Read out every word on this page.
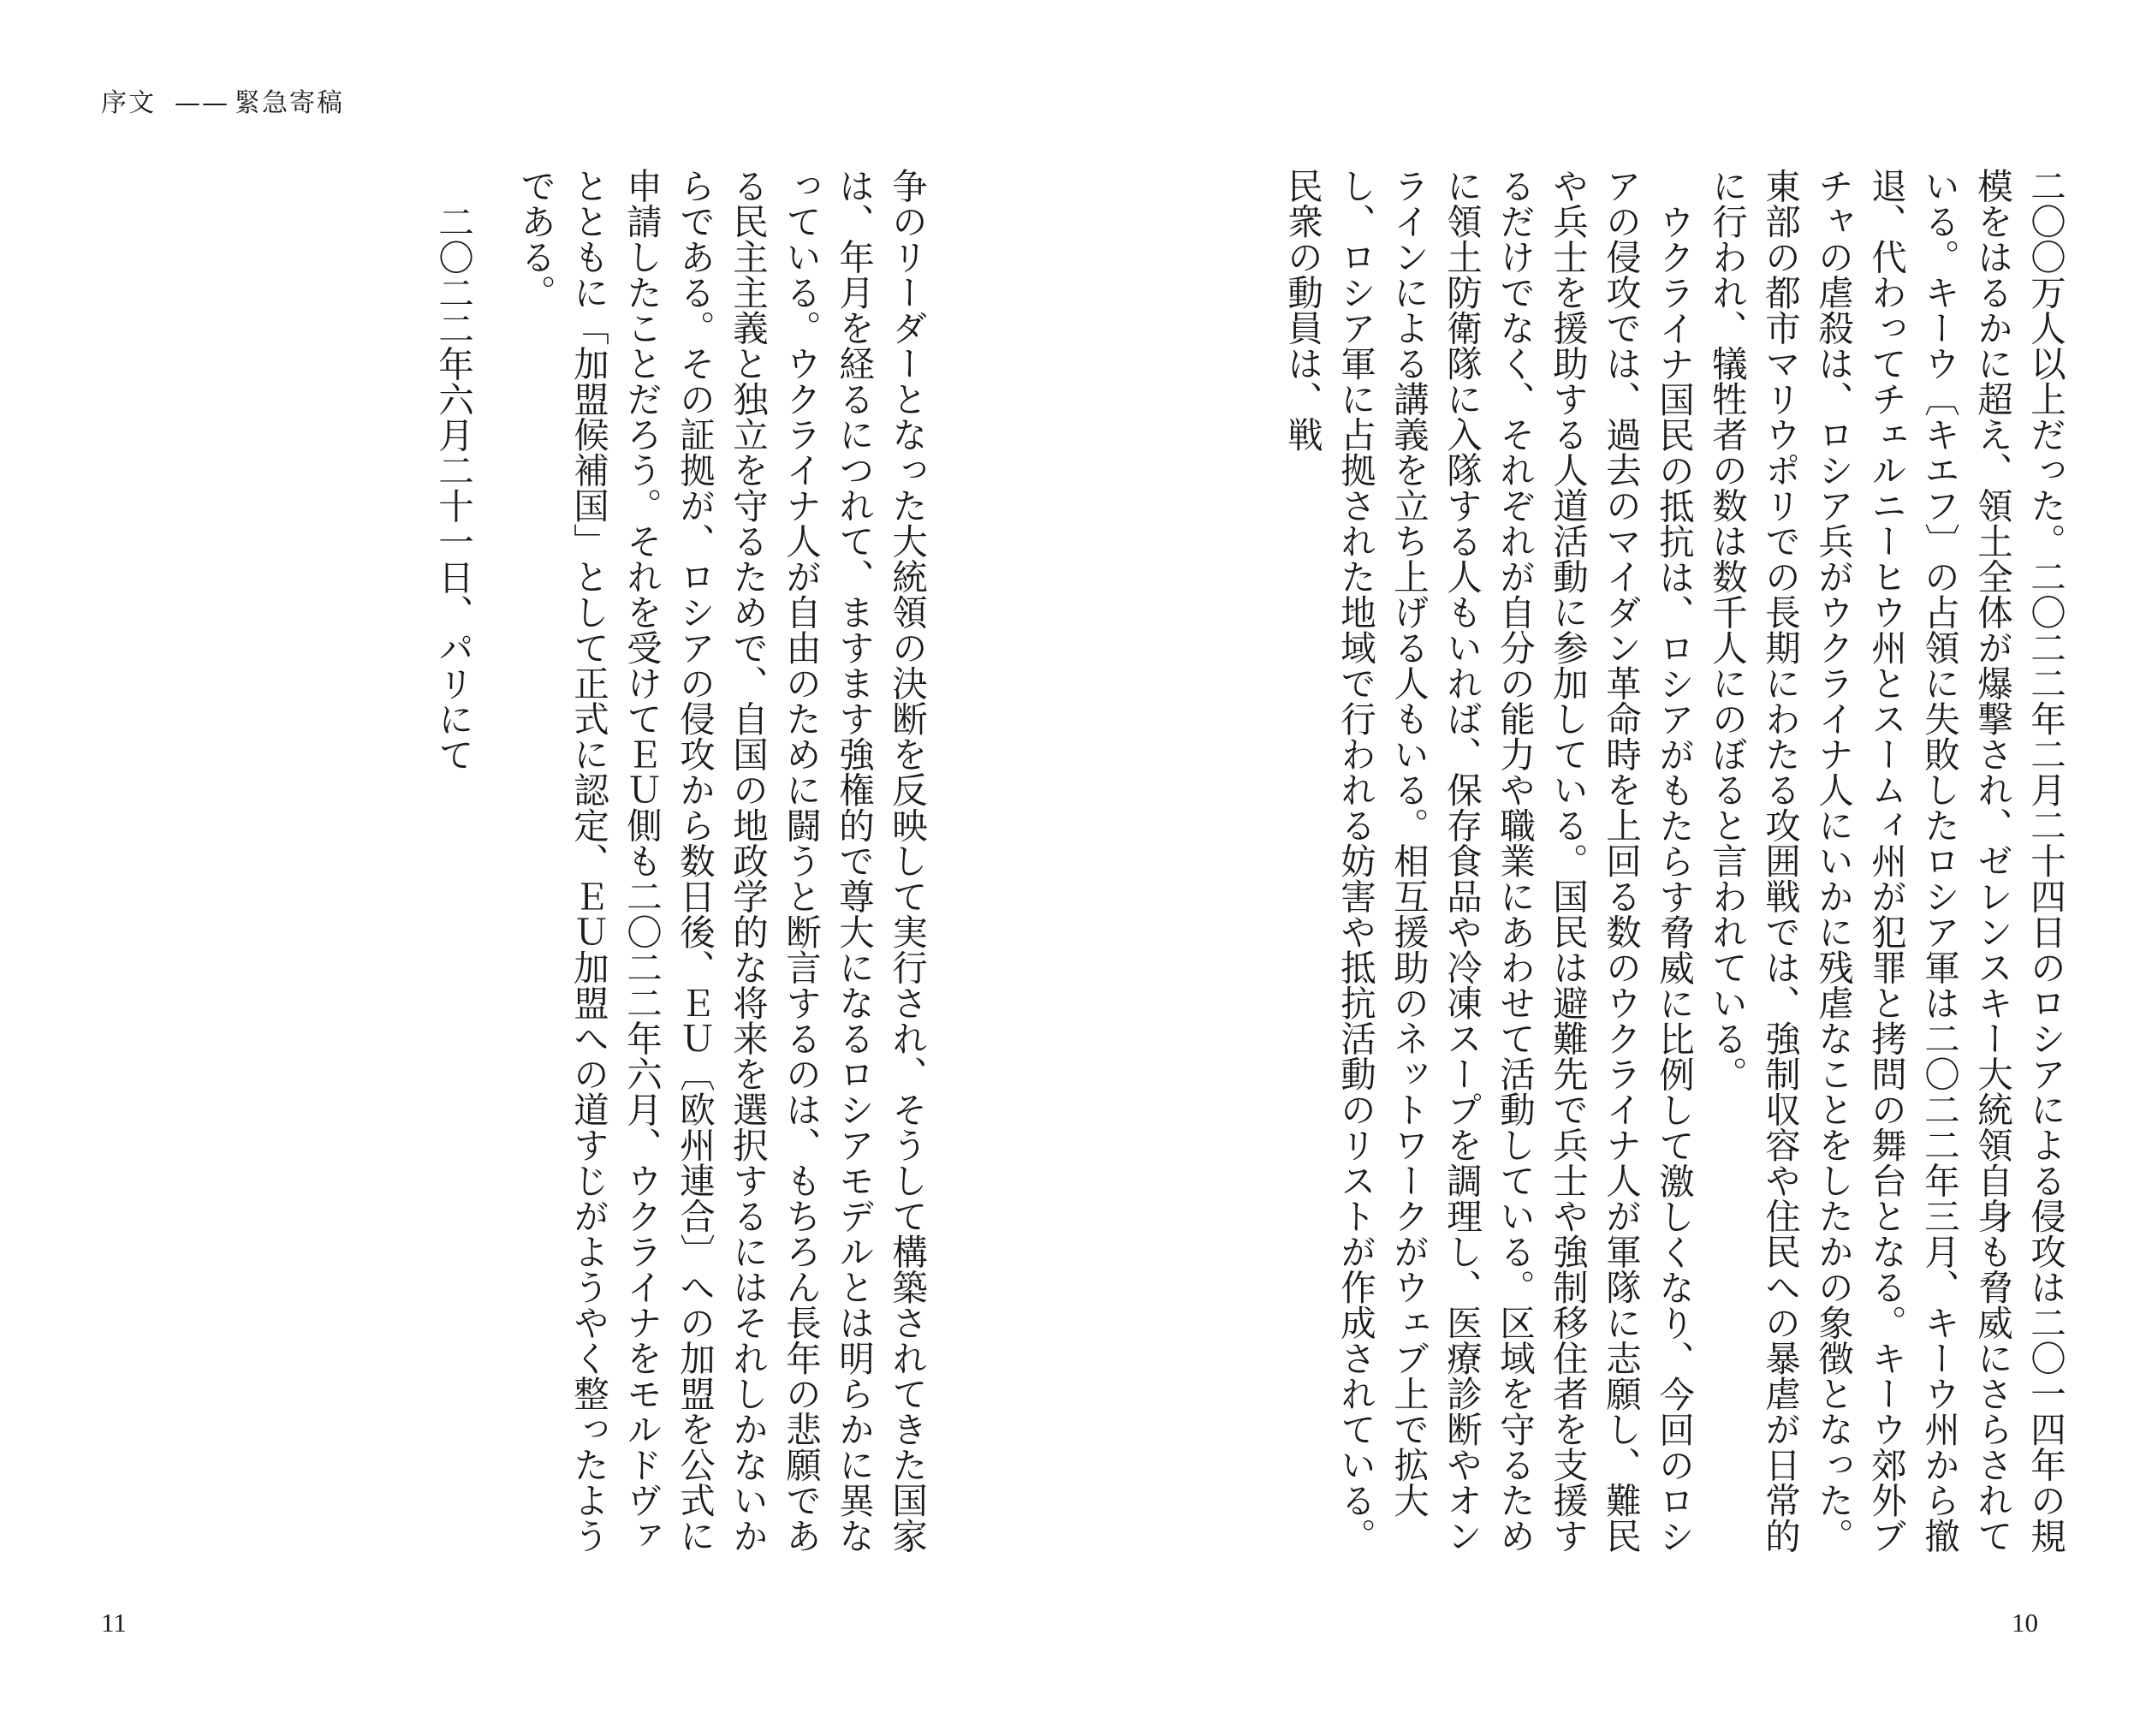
序文 —— 緊急寄稿

二〇〇万人以上だった。二〇二二年二月二十四日のロシアによる侵攻は二〇一四年の規模をはるかに超え、領土全体が爆撃され、ゼレンスキー大統領自身も脅威にさらされている。キーウ〔キエフ〕の占領に失敗したロシア軍は二〇二二年三月、キーウ州から撤退、代わってチェルニーヒウ州とスームィ州が犯罪と拷問の舞台となる。キーウ郊外ブチャの虐殺は、ロシア兵がウクライナ人にいかに残虐なことをしたかの象徴となった。東部の都市マリウポリでの長期にわたる攻囲戦では、強制収容や住民への暴虐が日常的に行われ、犠牲者の数は数千人にのぼると言われている。

ウクライナ国民の抵抗は、ロシアがもたらす脅威に比例して激しくなり、今回のロシアの侵攻では、過去のマイダン革命時を上回る数のウクライナ人が軍隊に志願し、難民や兵士を援助する人道活動に参加している。国民は避難先で兵士や強制移住者を支援するだけでなく、それぞれが自分の能力や職業にあわせて活動している。区域を守るために領土防衛隊に入隊する人もいれば、保存食品や冷凍スープを調理し、医療診断やオンラインによる講義を立ち上げる人もいる。相互援助のネットワークがウェブ上で拡大し、ロシア軍に占拠された地域で行われる妨害や抵抗活動のリストが作成されている。民衆の動員は、戦

争のリーダーとなった大統領の決断を反映して実行され、そうして構築されてきた国家は、年月を経るにつれて、ますます強権的で尊大になるロシアモデルとは明らかに異なっている。ウクライナ人が自由のために闘うと断言するのは、もちろん長年の悲願である民主主義と独立を守るためで、自国の地政学的な将来を選択するにはそれしかないからである。その証拠が、ロシアの侵攻から数日後、ＥＵ〔欧州連合〕への加盟を公式に申請したことだろう。それを受けてＥＵ側も二〇二二年六月、ウクライナをモルドヴァとともに「加盟候補国」として正式に認定、ＥＵ加盟への道すじがようやく整ったようである。

二〇二二年六月二十一日、パリにて
11	10
